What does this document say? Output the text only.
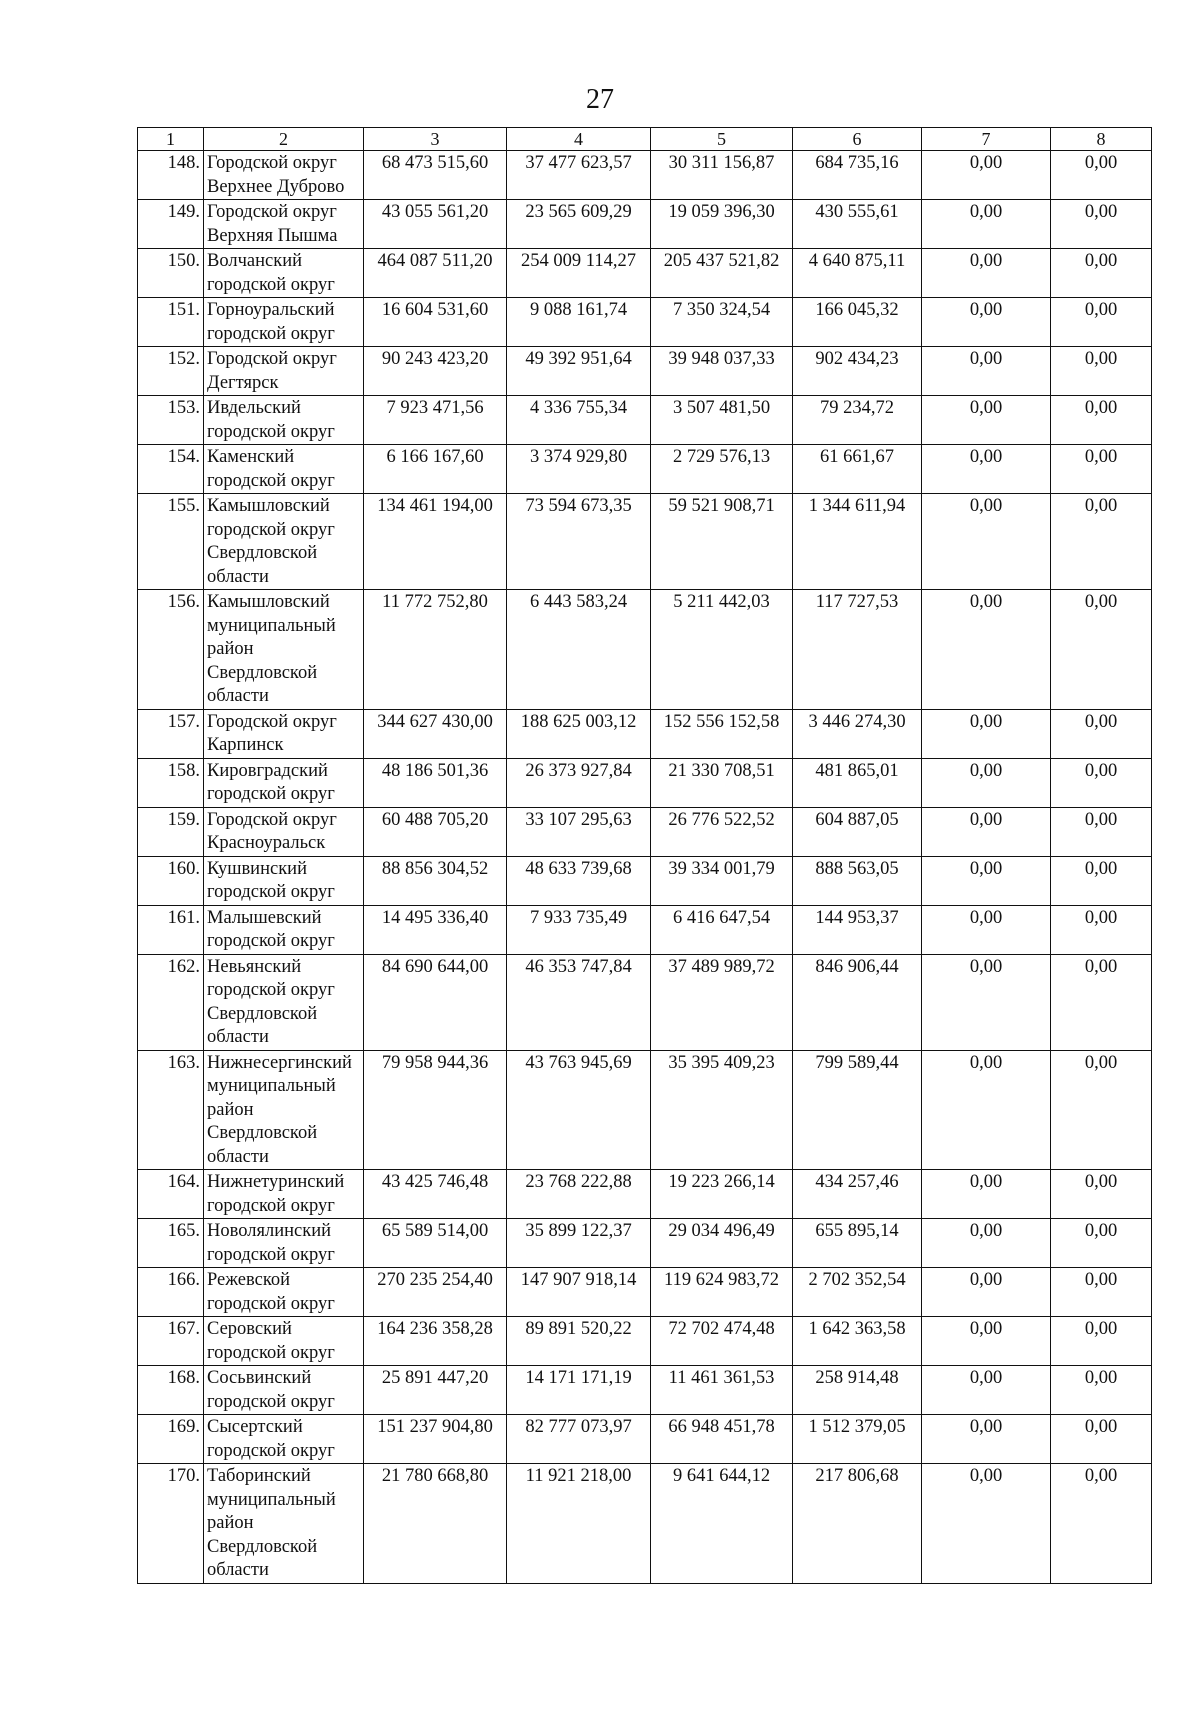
27
1	2	3	4	5	6	7	8
148.	Городской округ Верхнее Дуброво	68 473 515,60	37 477 623,57	30 311 156,87	684 735,16	0,00	0,00
149.	Городской округ Верхняя Пышма	43 055 561,20	23 565 609,29	19 059 396,30	430 555,61	0,00	0,00
150.	Волчанский городской округ	464 087 511,20	254 009 114,27	205 437 521,82	4 640 875,11	0,00	0,00
151.	Горноуральский городской округ	16 604 531,60	9 088 161,74	7 350 324,54	166 045,32	0,00	0,00
152.	Городской округ Дегтярск	90 243 423,20	49 392 951,64	39 948 037,33	902 434,23	0,00	0,00
153.	Ивдельский городской округ	7 923 471,56	4 336 755,34	3 507 481,50	79 234,72	0,00	0,00
154.	Каменский городской округ	6 166 167,60	3 374 929,80	2 729 576,13	61 661,67	0,00	0,00
155.	Камышловский городской округ Свердловской области	134 461 194,00	73 594 673,35	59 521 908,71	1 344 611,94	0,00	0,00
156.	Камышловский муниципальный район Свердловской области	11 772 752,80	6 443 583,24	5 211 442,03	117 727,53	0,00	0,00
157.	Городской округ Карпинск	344 627 430,00	188 625 003,12	152 556 152,58	3 446 274,30	0,00	0,00
158.	Кировградский городской округ	48 186 501,36	26 373 927,84	21 330 708,51	481 865,01	0,00	0,00
159.	Городской округ Красноуральск	60 488 705,20	33 107 295,63	26 776 522,52	604 887,05	0,00	0,00
160.	Кушвинский городской округ	88 856 304,52	48 633 739,68	39 334 001,79	888 563,05	0,00	0,00
161.	Малышевский городской округ	14 495 336,40	7 933 735,49	6 416 647,54	144 953,37	0,00	0,00
162.	Невьянский городской округ Свердловской области	84 690 644,00	46 353 747,84	37 489 989,72	846 906,44	0,00	0,00
163.	Нижнесергинский муниципальный район Свердловской области	79 958 944,36	43 763 945,69	35 395 409,23	799 589,44	0,00	0,00
164.	Нижнетуринский городской округ	43 425 746,48	23 768 222,88	19 223 266,14	434 257,46	0,00	0,00
165.	Новолялинский городской округ	65 589 514,00	35 899 122,37	29 034 496,49	655 895,14	0,00	0,00
166.	Режевской городской округ	270 235 254,40	147 907 918,14	119 624 983,72	2 702 352,54	0,00	0,00
167.	Серовский городской округ	164 236 358,28	89 891 520,22	72 702 474,48	1 642 363,58	0,00	0,00
168.	Сосьвинский городской округ	25 891 447,20	14 171 171,19	11 461 361,53	258 914,48	0,00	0,00
169.	Сысертский городской округ	151 237 904,80	82 777 073,97	66 948 451,78	1 512 379,05	0,00	0,00
170.	Таборинский муниципальный район Свердловской области	21 780 668,80	11 921 218,00	9 641 644,12	217 806,68	0,00	0,00
